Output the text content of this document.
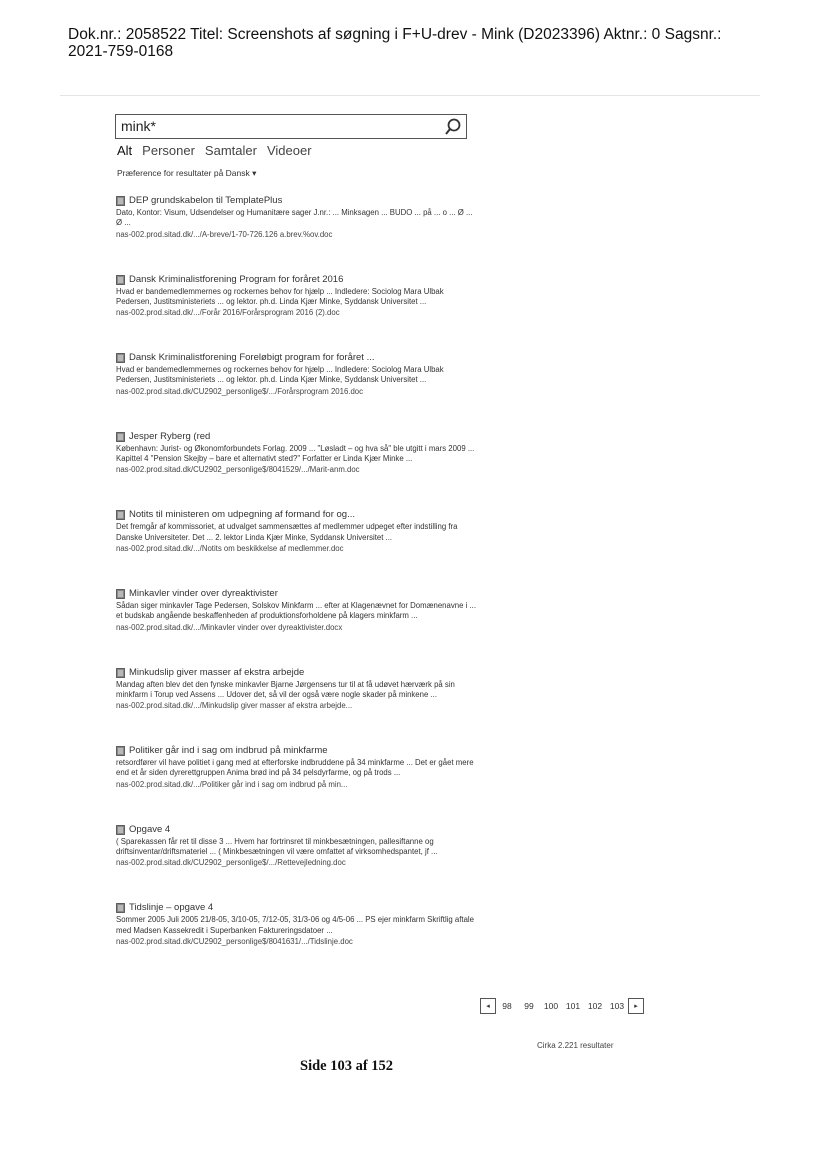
Dok.nr.: 2058522 Titel: Screenshots af søgning i F+U-drev - Mink (D2023396) Aktnr.: 0 Sagsnr.:
2021-759-0168
mink*
Alt Personer Samtaler Videoer
Præference for resultater på Dansk ▾
DEP grundskabelon til TemplatePlus
Dato, Kontor: Visum, Udsendelser og Humanitære sager J.nr.: ... Minksagen ... BUDO ... på ... o ... Ø ... Ø ...
nas-002.prod.sitad.dk/.../A-breve/1-70-726.126 a.brev.%ov.doc
Dansk Kriminalistforening Program for foråret 2016
Hvad er bandemedlemmernes og rockernes behov for hjælp ... Indledere: Sociolog Mara Ulbak Pedersen, Justitsministeriets ... og lektor. ph.d. Linda Kjær Minke, Syddansk Universitet ...
nas-002.prod.sitad.dk/.../Forår 2016/Forårsprogram 2016 (2).doc
Dansk Kriminalistforening Foreløbigt program for foråret ...
Hvad er bandemedlemmernes og rockernes behov for hjælp ... Indledere: Sociolog Mara Ulbak Pedersen, Justitsministeriets ... og lektor. ph.d. Linda Kjær Minke, Syddansk Universitet ...
nas-002.prod.sitad.dk/CU2902_personlige$/.../Forårsprogram 2016.doc
Jesper Ryberg (red
København: Jurist- og Økonomforbundets Forlag. 2009 ... "Løsladt – og hva så" ble utgitt i mars 2009 ... Kapittel 4 "Pension Skejby – bare et alternativt sted?" Forfatter er Linda Kjær Minke ...
nas-002.prod.sitad.dk/CU2902_personlige$/8041529/.../Marit-anm.doc
Notits til ministeren om udpegning af formand for og...
Det fremgår af kommissoriet, at udvalget sammensættes af medlemmer udpeget efter indstilling fra Danske Universiteter. Det ... 2. lektor Linda Kjær Minke, Syddansk Universitet ...
nas-002.prod.sitad.dk/.../Notits om beskikkelse af medlemmer.doc
Minkavler vinder over dyreaktivister
Sådan siger minkavler Tage Pedersen, Solskov Minkfarm ... efter at Klagenævnet for Domænenavne i ... et budskab angående beskaffenheden af produktionsforholdene på klagers minkfarm ...
nas-002.prod.sitad.dk/.../Minkavler vinder over dyreaktivister.docx
Minkudslip giver masser af ekstra arbejde
Mandag aften blev det den fynske minkavler Bjarne Jørgensens tur til at få udøvet hærværk på sin minkfarm i Torup ved Assens ... Udover det, så vil der også være nogle skader på minkene ...
nas-002.prod.sitad.dk/.../Minkudslip giver masser af ekstra arbejde...
Politiker går ind i sag om indbrud på minkfarme
retsordfører vil have politiet i gang med at efterforske indbruddene på 34 minkfarme ... Det er gået mere end et år siden dyrerettgruppen Anima brød ind på 34 pelsdyrfarme, og på trods ...
nas-002.prod.sitad.dk/.../Politiker går ind i sag om indbrud på min...
Opgave 4
( Sparekassen får ret til disse 3 ... Hvem har fortrinsret til minkbesætningen, pallesiftanne og driftsinventar/driftsmateriel ... ( Minkbesætningen vil være omfattet af virksomhedspantet, jf ...
nas-002.prod.sitad.dk/CU2902_personlige$/.../Rettevejledning.doc
Tidslinje – opgave 4
Sommer 2005 Juli 2005 21/8-05, 3/10-05, 7/12-05, 31/3-06 og 4/5-06 ... PS ejer minkfarm Skriftlig aftale med Madsen Kassekredit i Superbanken Faktureringsdatoer ...
nas-002.prod.sitad.dk/CU2902_personlige$/8041631/.../Tidslinje.doc
◂	98	99	100 101 102 103	▸
Cirka 2.221 resultater
Side 103 af 152
